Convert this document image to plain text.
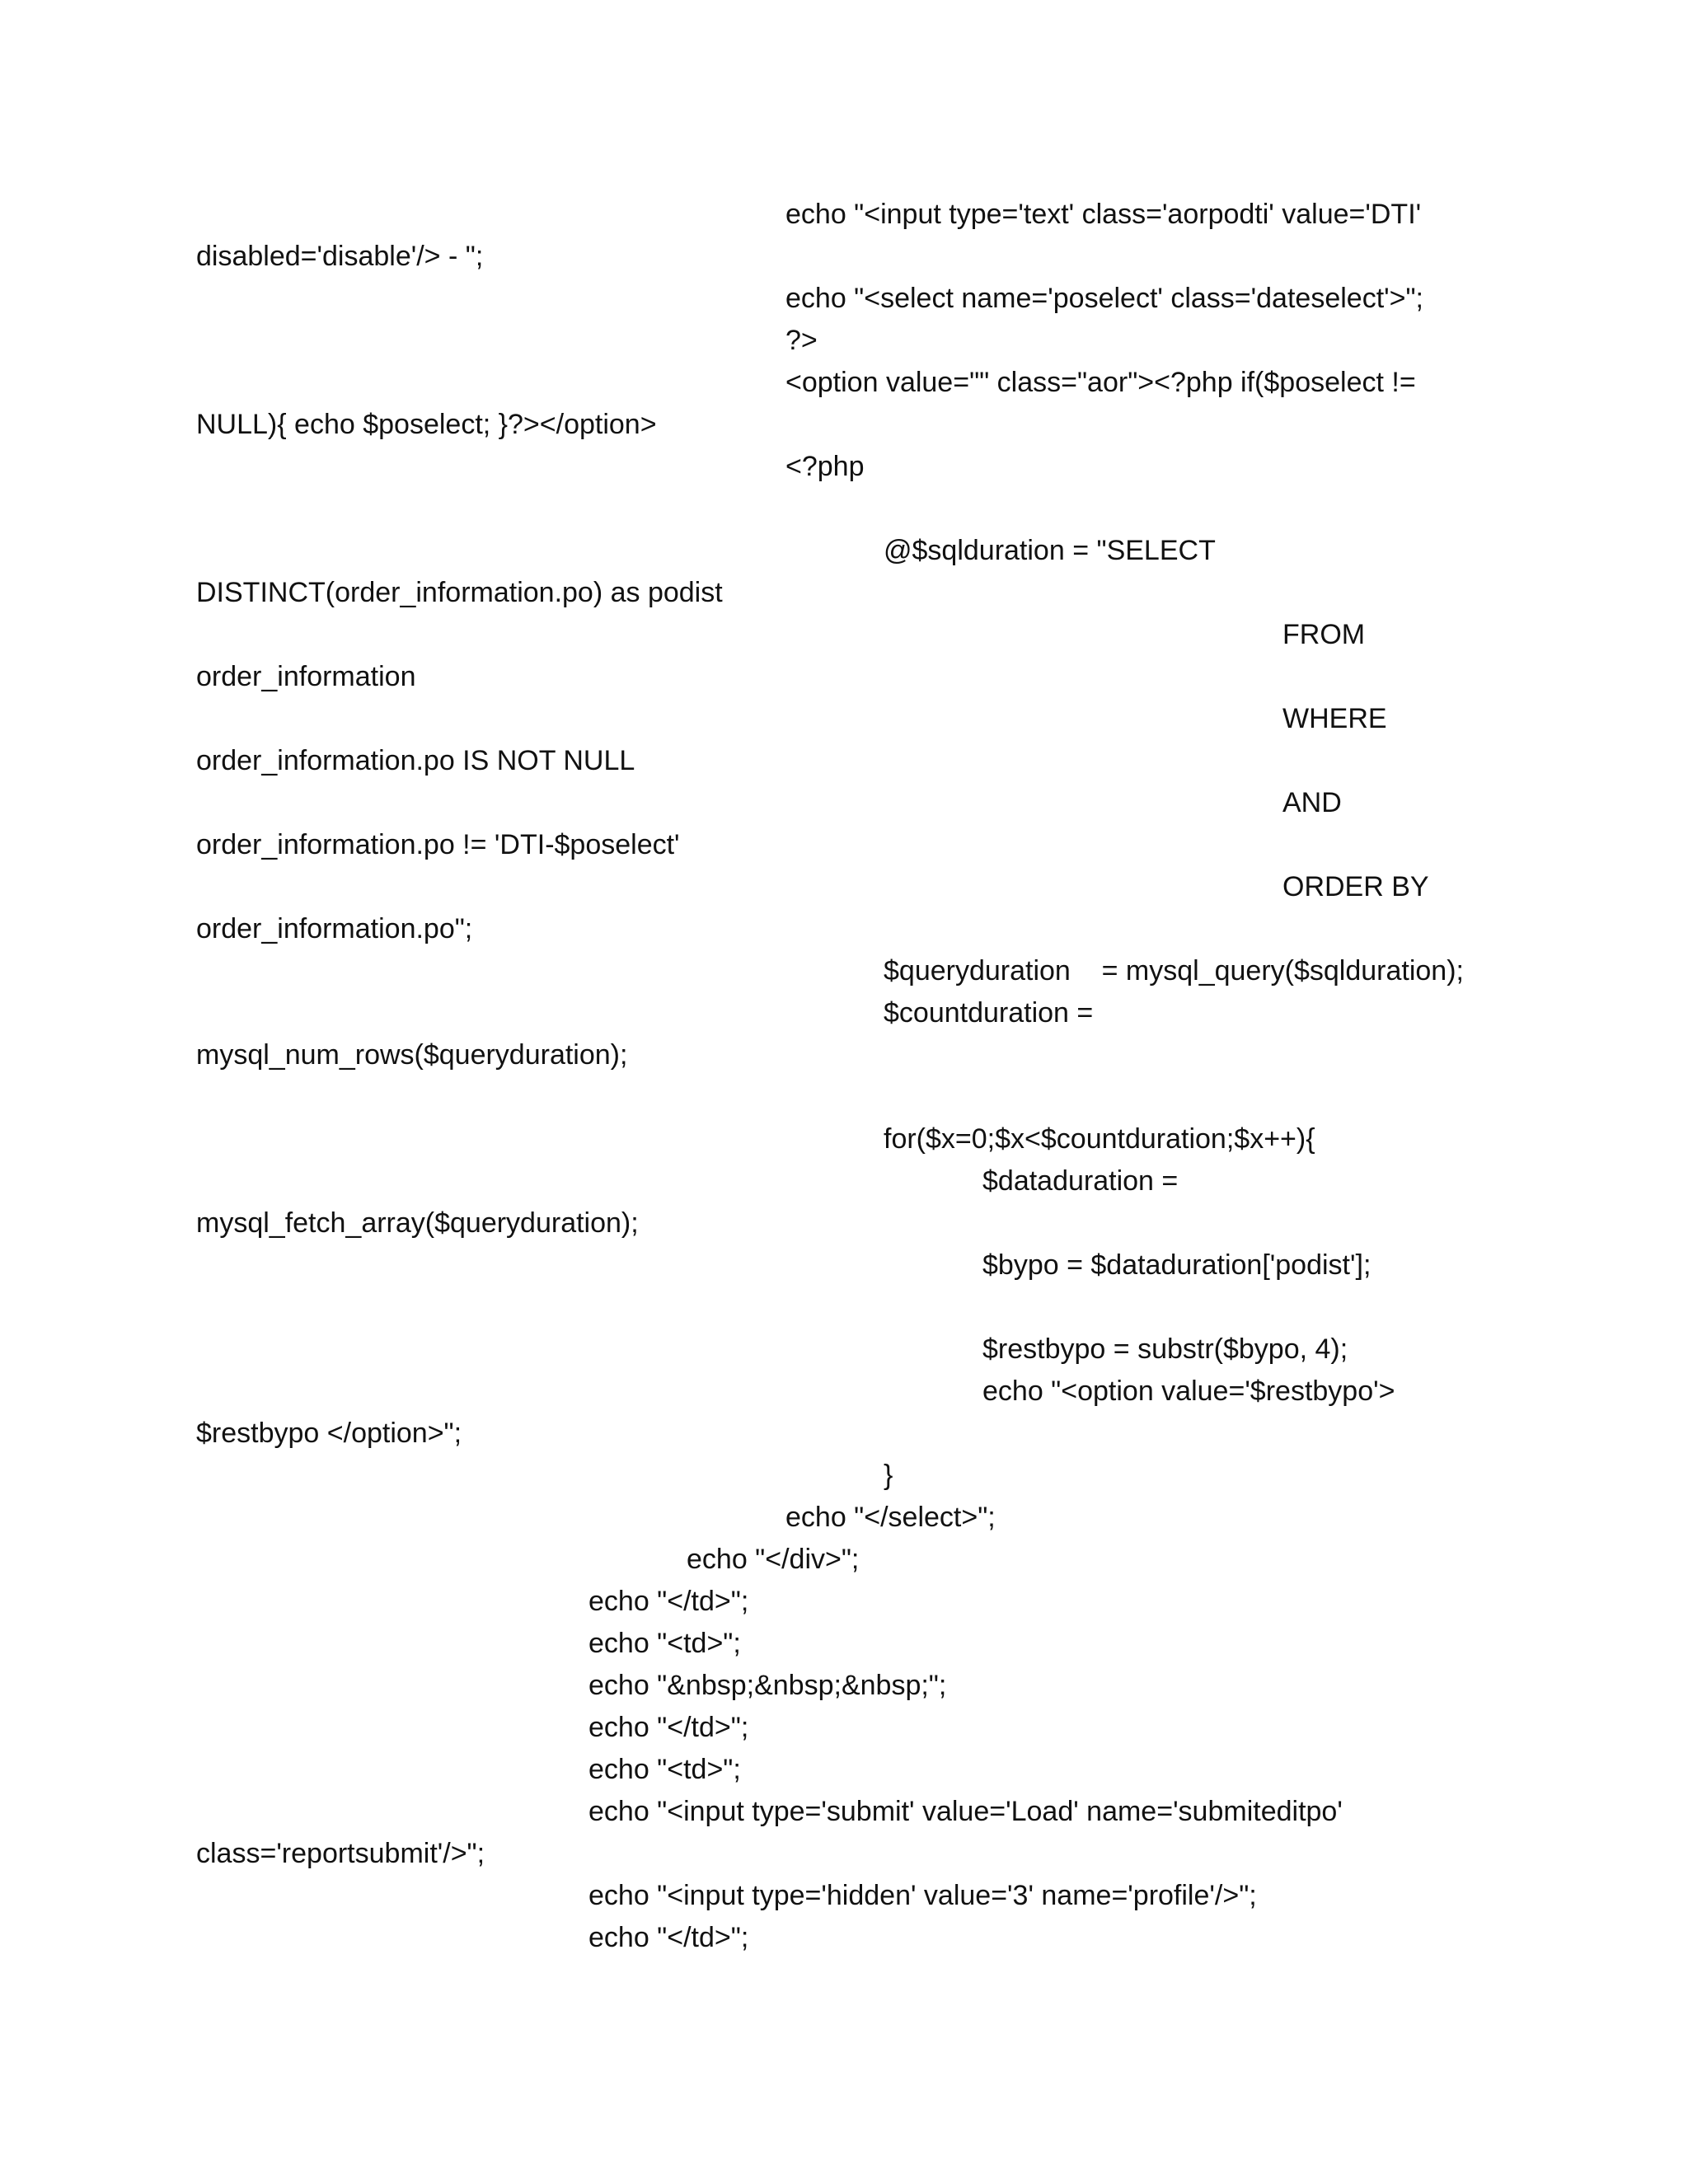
echo "<input type='text' class='aorpodti' value='DTI'
disabled='disable'/> - ";
echo "<select name='poselect' class='dateselect'>";
?>
<option value="" class="aor"><?php if($poselect !=
NULL){ echo $poselect; }?></option>
<?php
@$sqlduration = "SELECT
DISTINCT(order_information.po) as podist
FROM
order_information
WHERE
order_information.po IS NOT NULL
AND
order_information.po != 'DTI-$poselect'
ORDER BY
order_information.po";
$queryduration    = mysql_query($sqlduration);
$countduration =
mysql_num_rows($queryduration);
for($x=0;$x<$countduration;$x++){
$dataduration =
mysql_fetch_array($queryduration);
$bypo = $dataduration['podist'];
$restbypo = substr($bypo, 4);
echo "<option value='$restbypo'>
$restbypo </option>";
}
echo "</select>";
echo "</div>";
echo "</td>";
echo "<td>";
echo "&nbsp;&nbsp;&nbsp;";
echo "</td>";
echo "<td>";
echo "<input type='submit' value='Load' name='submiteditpo'
class='reportsubmit'/>";
echo "<input type='hidden' value='3' name='profile'/>";
echo "</td>";
